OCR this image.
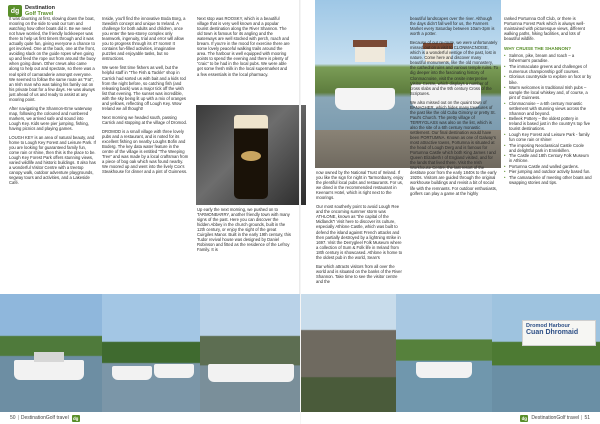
dg	Destination
Golf Travel

It was daunting at first, slowing down the boat, mooring on the side to wait our turn and watching how other boats did it. Be we need not have worried, the friendly lockkeeper was there to help us first timers through and it was actually quite fun, giving everyone a chance to get involved. One at the back, one at the front, avoiding slack on the guide ropes when going up and feed the rope out from around the buoy when going down. Other crews also came along to help out and spectate, so there was a real spirit of camaraderie amongst everyone. We seemed to follow the same route as “Fat”, an Irish man who was taking his family out on his private boat for a few days. He was always just ahead of us and ready to assist at any mooring point.

After navigating the Shannon-Erne waterway map, following the coloured and numbered markers, we arrived safe and sound into Lough Key. Kids were pier jumping, fishing, having picnics and playing games.

LOUGH KEY is an area of natural beauty, and home to Lough Key Forest and Leisure Park. If you are looking for guaranteed family fun, come rain or shine, then this is the place to be. Lough Key Forest Park offers stunning views, varied wildlife and historic buildings. It also has a wonderful Visitor Centre with a treetop canopy walk, outdoor adventure playgrounds, segway tours and activities, and a Lakeside Café.

Inside, you'll find the innovative Boda Borg, a Swedish concept and unique to Ireland. A challenge for both adults and children, once you enter the two-storey complex only teamwork, ingenuity, trial and error will allow you to progress through its 47 rooms! It contains fun-filled activities, imaginative puzzles and enjoyable tasks, but no instructions.

We were first time fishers as well, but the helpful staff in “The Fish & Tackle” shop in Carrick had sorted us with bait and a kids rod from the night before, so catching fish (and releasing back) was a major tick off the wish list that evening. The sunset was incredible, with the sky being lit up with a mix of oranges and yellows, reflecting off Lough Key. Wow Ireland we all thought!

Next morning we headed south, passing Carrick and stopping at the village of Dromod.

DROMOD is a small village with three lovely pubs and a restaurant, and is noted for its excellent fishing on nearby Loughs Bofin and Boderg. The key data water feature in the centre of the village is entitled “The Weeping Tree” and was made by a local craftsman from a piece of bog oak which was found nearby. We moored up and went into the lively Cox's Steakhouse for dinner and a pint of Guinness.

Next stop was ROOSKY, which is a beautiful village that is very well known and a popular tourist destination along the River Shannon. The old town is famous for its angling and the waterways are well stocked with perch, roach and bream. If you're in the mood for exercise there are some lovely peaceful walking trails around the area. The harbour is well equipped with mooring points to spend the evening and there is plenty of “craic” to be had in the local pubs. We were able get some fresh milk in the local supermarket and a few essentials in the local pharmacy.

Up early the next morning, we pushed on to TARMONBARRY, another friendly town with many signs of the past. Here you can discover the hidden Abbey in the church grounds, built in the 12th century, or enjoy the sight of the great Cuirgiles Manor. Built in the early 19th century, this Tudor revival house was designed by Daniel Robinson and fitted as the residence of the Lefroy Family. It is

now owned by the National Trust of Ireland. If you like the sign for night in Tarmonbarry, enjoy the plentiful local pubs and restaurants. For us, we dined in the recommended restaurant in Keenan's Hotel, which is right next to the moorings.

Our most southerly point to avoid Lough Ree and the oncoming summer storm was ATHLONE, known as “the capital of the Midlands”! Visit here to discover its culture, especially Athlone Castle, which was built to defend the island against French attacks and then partially destroyed by a lightning strike in 1697. Visit the Derrygleel Folk Museum where a collection of Sum & Folk life in Ireland from 18th century is showcased. Athlone is home to the oldest pub in the world, Sean's

Bar which attracts visitors from all over the world and is situated on the banks of the River Shannon. Take time to see the visitor centre and the

beautiful landscapes over the river. Although the days didn't fall well for us, the Farmers Market every Saturday between 10am-3pm is worth a potter.

Because of our re-route, we were unfortunately missed out on a visit to CLONMACNOISE, which is a wonderful vestige of the past, lost in nature. Come here and discover many beautiful monuments, like the old monastery, the cathedral ruins and various temple ruins. To dig deeper into the fascinating history of Clonmacnoise, visit the onsite interpretive Visitor Centre, which displays a number of cross slabs and the 9th century Cross of the Scriptures.

We also missed out on the quaint town of BANAGHER, which hides many treasures of the past like the old Cuba Gimony or pretty St. Paul's Church. The pretty village of TERRYGLASS was also on the list, which is also the site of a 6th century monastic settlement. Our final destination would have been PORTUMNA. Known as one of Galway's most attractive towns, Portumna is situated at the head of Lough Derg and is famous for Portumna Castle which both King James I and Queen Elizabeth I of England visited, and for the lands that lived there. Visit the Irish Workhouse Centre, the last resort of the destitute poor from the early 1840s to the early 1920s. Visitors are guided through the original workhouse buildings and revisit a bit of social life with the remnants. For outdoor enthusiasts, golfers can play a game at the highly

ranked Portumna Golf Club, or there is Portumna Forest Park which is always well-maintained with picturesque views, different walking paths, hiking facilities, and lots of beautiful wildlife.

WHY CRUISE THE SHANNON?
• Salmon, pike, bream and roach – a fisherman's paradise.
• The immaculate greens and challenges of numerous championship golf courses.
• Glorious countryside to explore on foot or by bike.
• Warm welcomes in traditional Irish pubs – sample the local whiskey and, of course, a pint of Guinness.
• Clonmacnoise – a 6th century monastic settlement with stunning views across the Shannon and beyond.
• Belleek Pottery – the oldest pottery in Ireland is based just in the country's top five tourist destinations.
• Lough Key Forest and Leisure Park - family fun come rain or shine!
• The imposing Neoclassical Castle Coole and delightful park in Enniskillen.
• The Castle and 18th Century Folk Museum in Athlone.
• Portumna Castle and walled gardens.
• Pier jumping and outdoor activity based fun.
• The camaraderie of meeting other boats and swapping stories and tips.
Dromod Harbour
Cuan Dhromaid
50 | DestinationGolf travel dg	dg DestinationGolf travel | 51
